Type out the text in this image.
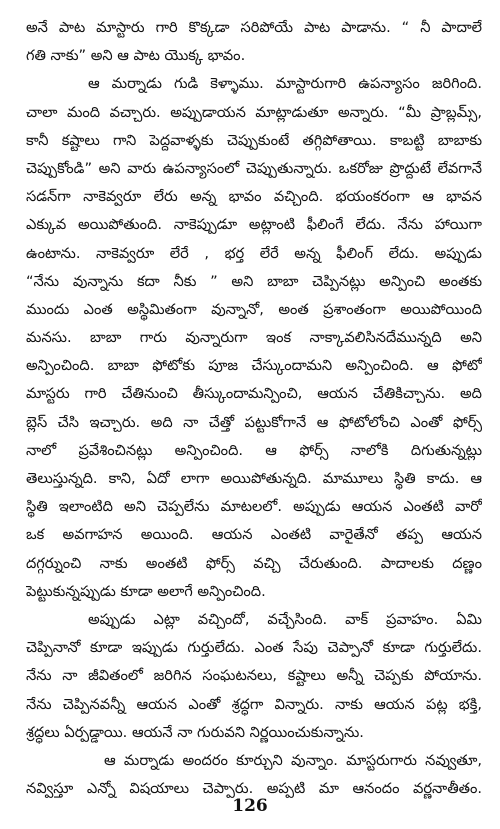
అనే పాట మాస్టారు గారి కొక్కడా సరిపోయే పాట పాడాను. “ నీ పాదాలే
గతి నాకు” అని ఆ పాట యొక్క భావం.
ఆ మర్నాడు గుడి కెళ్ళాము. మాస్టారుగారి ఉపన్యాసం జరిగింది.
చాలా మంది వచ్చారు. అప్పుడాయన మాట్లాడుతూ అన్నారు. “మీ ప్రాబ్లమ్స్,
కానీ కష్టాలు గాని పెద్దవాళ్ళకు చెప్పుకుంటే తగ్గిపోతాయి. కాబట్టి బాబాకు
చెప్పుకోండి” అని వారు ఉపన్యాసంలో చెప్పుతున్నారు. ఒకరోజు ప్రొద్దుటే లేవగానే
సడన్‌గా నాకెవ్వరూ లేరు అన్న భావం వచ్చింది. భయంకరంగా ఆ భావన
ఎక్కువ అయిపోతుంది. నాకెప్పుడూ అట్లాంటి ఫీలింగే లేదు. నేను హాయిగా
ఉంటాను. నాకెవ్వరూ లేరే , భర్త లేరే అన్న ఫీలింగ్ లేదు. అప్పుడు
“నేను వున్నాను కదా నీకు ” అని బాబా చెప్పినట్లు అన్పించి అంతకు
ముందు ఎంత అస్థిమితంగా వున్నానో, అంత ప్రశాంతంగా అయిపోయింది
మనసు. బాబా గారు వున్నారుగా ఇంక నాక్కావలిసినదేమున్నది అని
అన్పించింది. బాబా ఫోటోకు పూజ చేస్కుందామని అన్పించింది. ఆ ఫోటో
మాస్టరు గారి చేతినుంచి తీస్కుందామన్పించి, ఆయన చేతికిచ్చాను. అది
బ్లెస్ చేసి ఇచ్చారు. అది నా చేత్తో పట్టుకోగానే ఆ ఫోటోలోంచి ఎంతో ఫోర్స్
నాలో ప్రవేశించినట్లు అన్పించింది. ఆ ఫోర్స్ నాలోకి దిగుతున్నట్లు
తెలుస్తున్నది. కాని, ఏదో లాగా అయిపోతున్నది. మామూలు స్థితి కాదు. ఆ
స్థితి ఇలాంటిది అని చెప్పలేను మాటలలో. అప్పుడు ఆయన ఎంతటి వారో
ఒక అవగాహన అయింది. ఆయన ఎంతటి వారైతేనో తప్ప ఆయన
దగ్గర్నుంచి నాకు అంతటి ఫోర్స్ వచ్చి చేరుతుంది. పాదాలకు దణ్ణం
పెట్టుకున్నప్పుడు కూడా అలాగే అన్పించింది.
అప్పుడు ఎట్లా వచ్చిందో, వచ్చేసింది. వాక్ ప్రవాహం. ఏమి
చెప్పినానో కూడా ఇప్పుడు గుర్తులేదు. ఎంత సేపు చెప్పానో కూడా గుర్తులేదు.
నేను నా జీవితంలో జరిగిన సంఘటనలు, కష్టాలు అన్నీ చెప్పకు పోయాను.
నేను చెప్పినవన్నీ ఆయన ఎంతో శ్రద్ధగా విన్నారు. నాకు ఆయన పట్ల భక్తి,
శ్రద్ధలు ఏర్పడ్డాయి. ఆయనే నా గురువని నిర్ణయించుకున్నాను.
ఆ మర్నాడు అందరం కూర్చుని వున్నాం. మాస్టరుగారు నవ్వుతూ,
నవ్విస్తూ ఎన్నో విషయాలు చెప్పారు. అప్పటి మా ఆనందం వర్ణనాతీతం.
126
